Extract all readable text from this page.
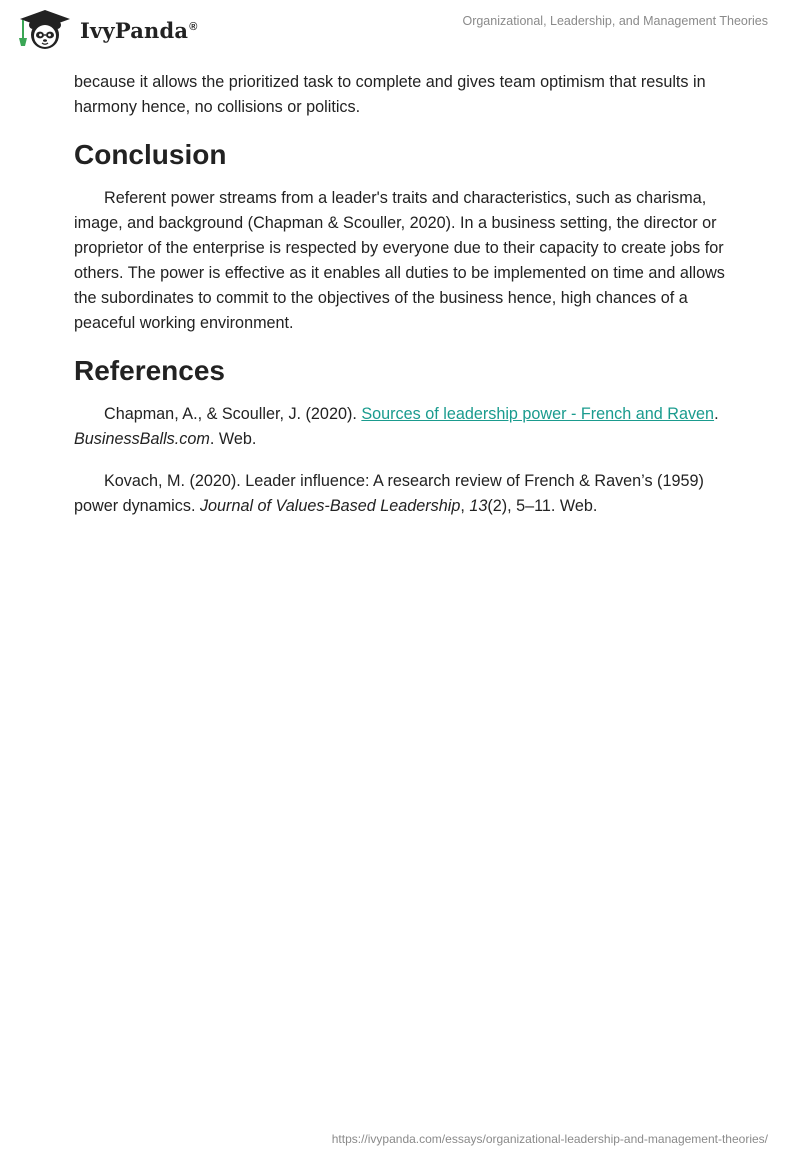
IvyPanda®	Organizational, Leadership, and Management Theories

because it allows the prioritized task to complete and gives team optimism that results in harmony hence, no collisions or politics.

Conclusion

Referent power streams from a leader's traits and characteristics, such as charisma, image, and background (Chapman & Scouller, 2020). In a business setting, the director or proprietor of the enterprise is respected by everyone due to their capacity to create jobs for others. The power is effective as it enables all duties to be implemented on time and allows the subordinates to commit to the objectives of the business hence, high chances of a peaceful working environment.

References

Chapman, A., & Scouller, J. (2020). Sources of leadership power - French and Raven. BusinessBalls.com. Web.

Kovach, M. (2020). Leader influence: A research review of French & Raven’s (1959) power dynamics. Journal of Values-Based Leadership, 13(2), 5–11. Web.

https://ivypanda.com/essays/organizational-leadership-and-management-theories/
